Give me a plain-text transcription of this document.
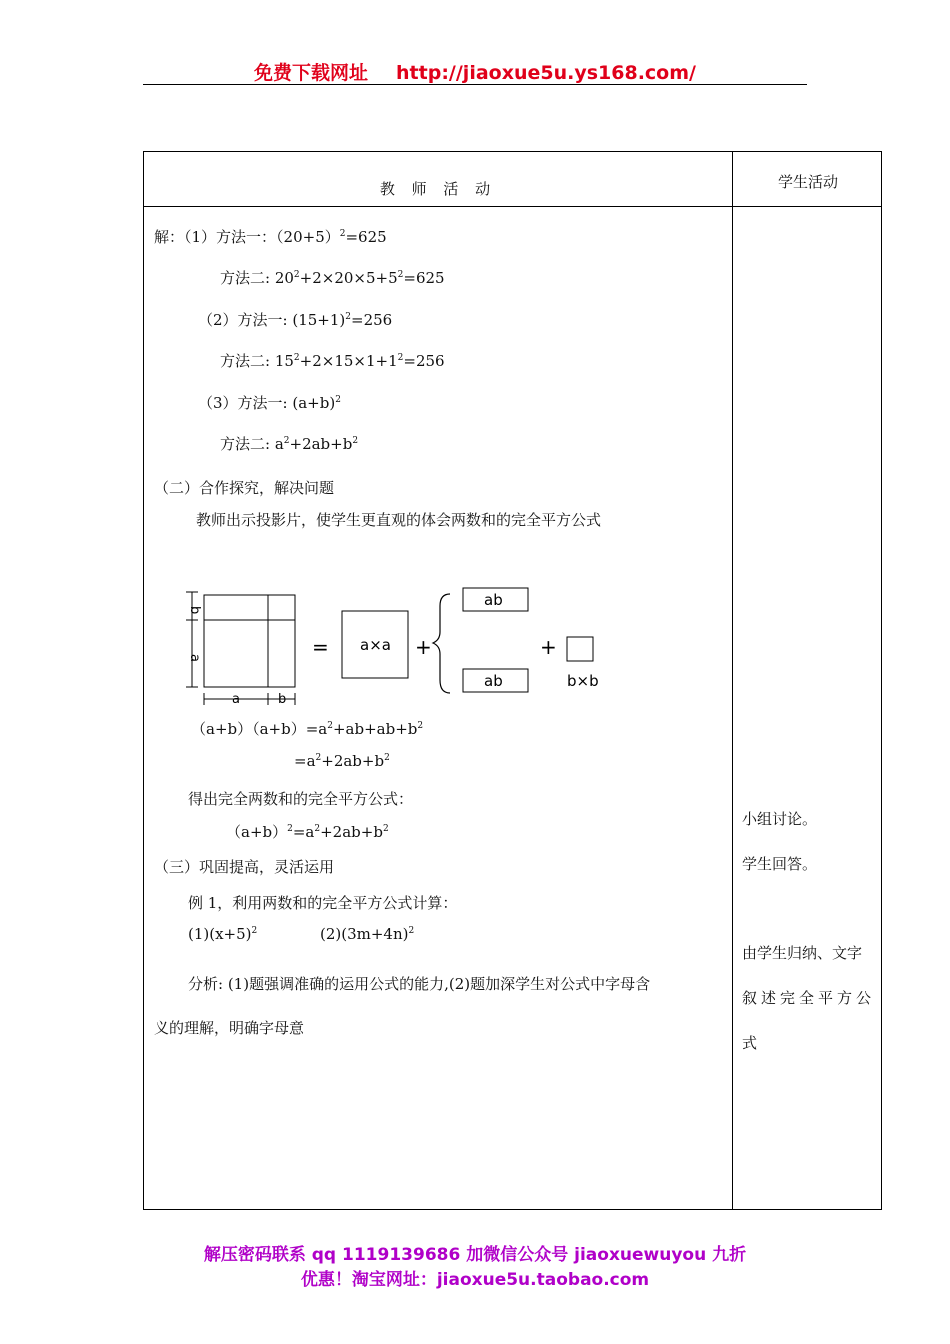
免费下载网址 http://jiaoxue5u.ys168.com/
教 师 活 动	学生活动
解：（1）方法一：$(20+5)^2=625$
方法二: $20^2+2\times 20\times 5+5^2=625$
（2）方法一: $(15+1)^2=256$
方法二: $15^2+2\times 15\times 1+1^2=256$
（3）方法一: $(a+b)^2$
方法二: $a^2+2ab+b^2$
（二）合作探究，解决问题
教师出示投影片，使学生更直观的体会两数和的完全平方公式
b
a
a	b
= a×a +
ab
ab
+
b×b
$(a+b)(a+b)=a^2+ab+ab+b^2$
$=a^2+2ab+b^2$
得出完全两数和的完全平方公式：
$(a+b)^2=a^2+2ab+b^2$
（三）巩固提高，灵活运用
例 1，利用两数和的完全平方公式计算：
$(1)(x+5)^2$	$(2)(3m+4n)^2$
分析: (1)题强调准确的运用公式的能力,(2)题加深学生对公式中字母含
义的理解，明确字母意
小组讨论。
学生回答。
由学生归纳、文字
叙述完全平方公
式
解压密码联系 qq 1119139686 加微信公众号 jiaoxuewuyou 九折
优惠！淘宝网址：jiaoxue5u.taobao.com
